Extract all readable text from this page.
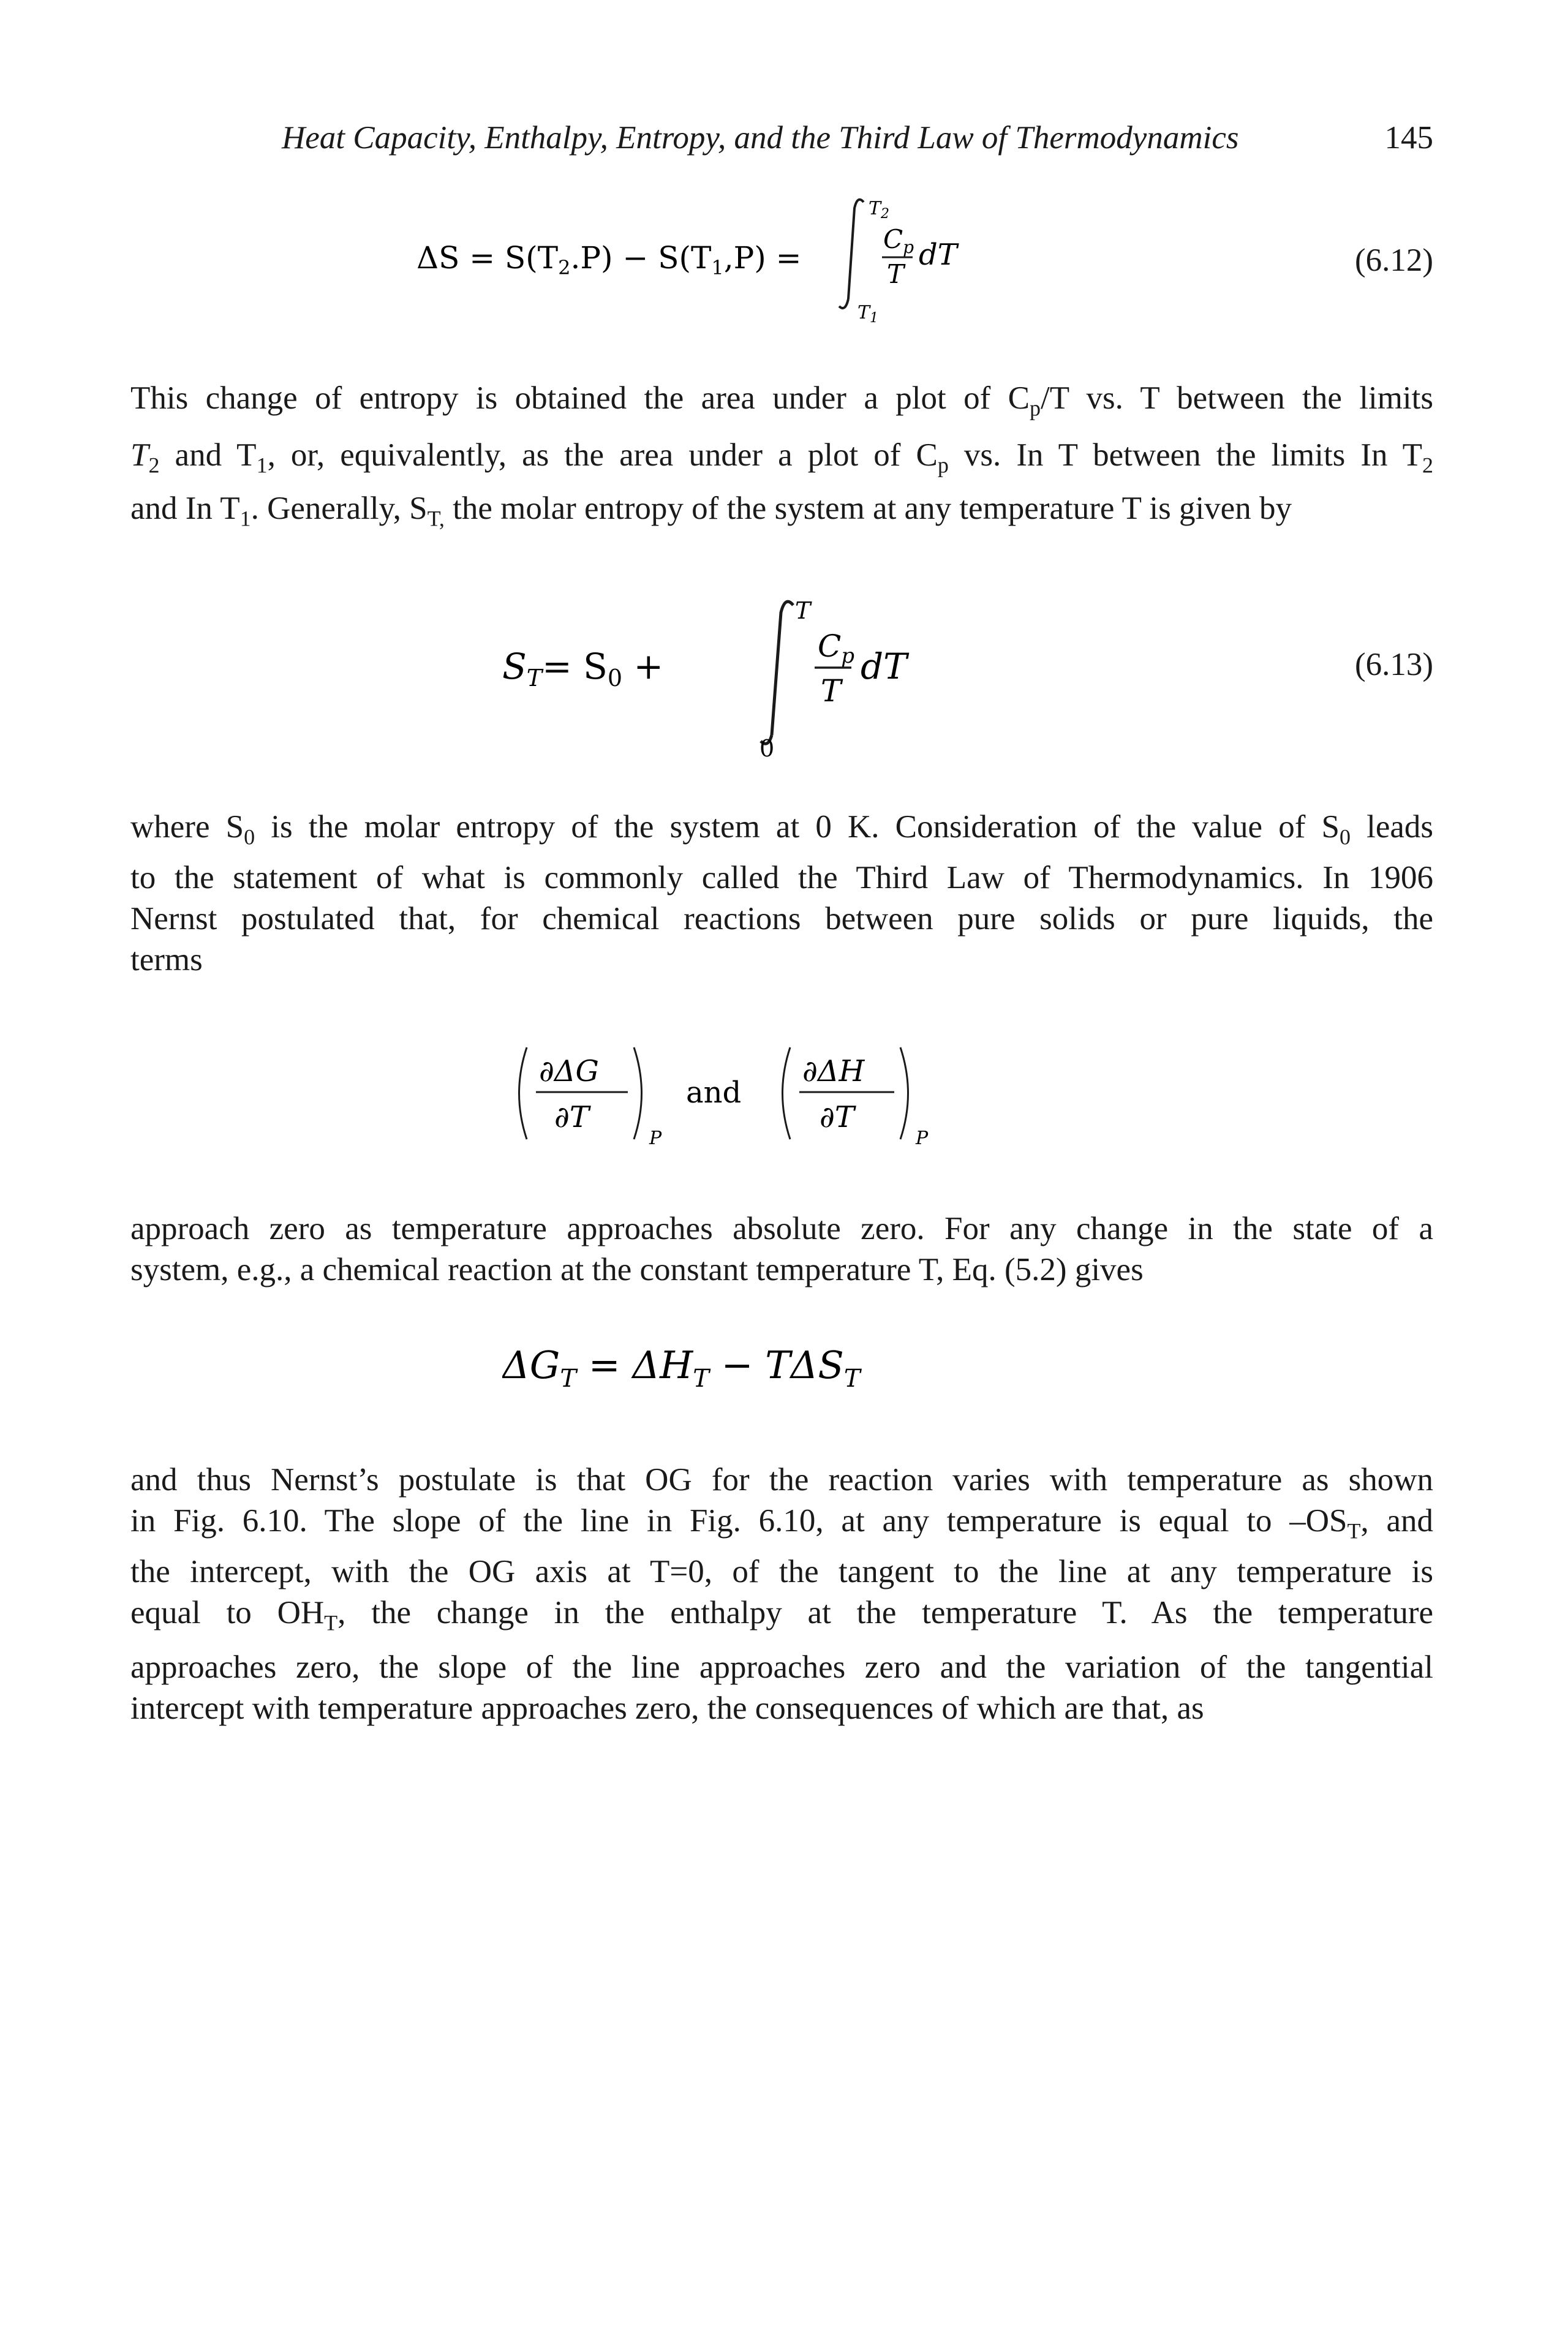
Heat Capacity, Enthalpy, Entropy, and the Third Law of Thermodynamics	145
$\Delta S = S(T_2.P) - S(T_1,P)$ =
$T_2$
$T_1$
Cp
T
dT	(6.12)
This change of entropy is obtained the area under a plot of $C_p/T$ vs. T between the limits
$T_2$ and $T_1$, or, equivalently, as the area under a plot of $C_p$ vs. In T between the limits In $T_2$
and In $T_1$. Generally, $S_{T,}$ the molar entropy of the system at any temperature T is given by
$S_T= S_0$ +
T
0
$C_p$
T
dT	(6.13)
where $S_0$ is the molar entropy of the system at 0 K. Consideration of the value of $S_0$ leads
to the statement of what is commonly called the Third Law of Thermodynamics. In 1906
Nernst postulated that, for chemical reactions between pure solids or pure liquids, the
terms
∂ΔG
∂T
P
and
∂ΔH
∂T
P
approach zero as temperature approaches absolute zero. For any change in the state of a
system, e.g., a chemical reaction at the constant temperature T, Eq. (5.2) gives
$\Delta G_T = \Delta H_T - T\Delta S_T$
and thus Nernst’s postulate is that OG for the reaction varies with temperature as shown
in Fig. 6.10. The slope of the line in Fig. 6.10, at any temperature is equal to $-OS_T$, and
the intercept, with the OG axis at T=0, of the tangent to the line at any temperature is
equal to $OH_T$, the change in the enthalpy at the temperature T. As the temperature
approaches zero, the slope of the line approaches zero and the variation of the tangential
intercept with temperature approaches zero, the consequences of which are that, as
